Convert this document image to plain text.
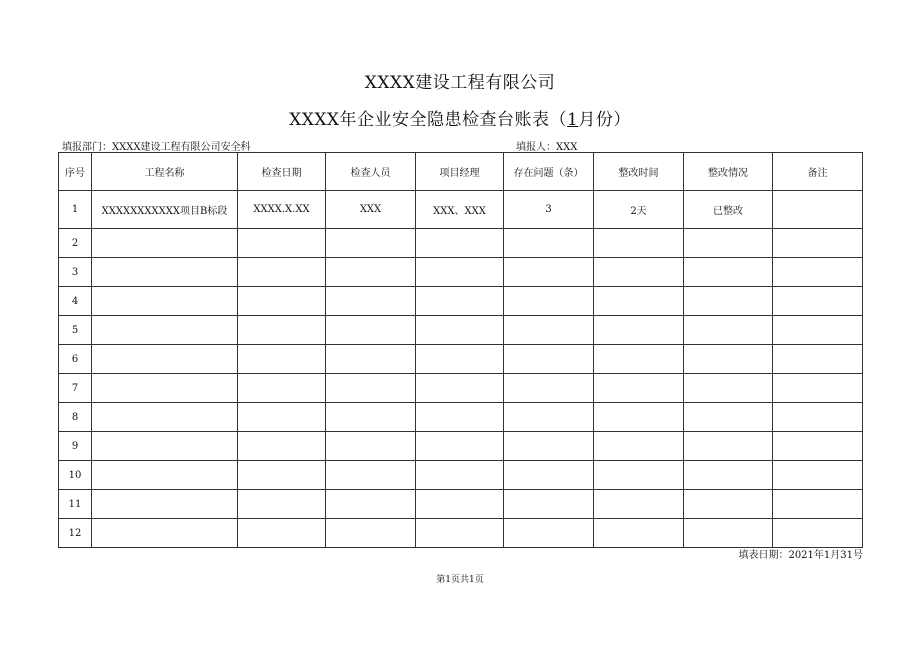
XXXX建设工程有限公司
XXXX年企业安全隐患检查台账表（1月份）
填报部门：XXXX建设工程有限公司安全科	填报人：XXX
序号	工程名称	检查日期	检查人员	项目经理	存在问题（条）	整改时间	整改情况	备注
1	XXXXXXXXXXX项目B标段	XXXX.X.XX	XXX	XXX、XXX	3	2天	已整改	
2								
3								
4								
5								
6								
7								
8								
9								
10								
11								
12								
填表日期：2021年1月31号
第1页共1页
